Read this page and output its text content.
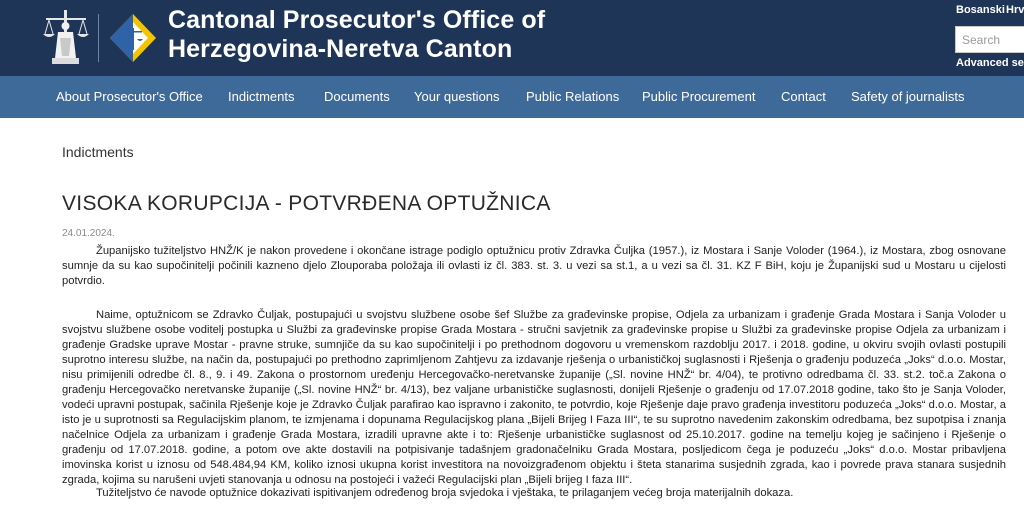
Cantonal Prosecutor's Office of
Herzegovina-Neretva Canton
Bosanski Hrv
Search
Advanced se
About Prosecutor's Office Indictments Documents Your questions Public Relations Public Procurement Contact Safety of journalists
Indictments
VISOKA KORUPCIJA - POTVRĐENA OPTUŽNICA
24.01.2024.

Županijsko tužiteljstvo HNŽ/K je nakon provedene i okončane istrage podiglo optužnicu protiv Zdravka Čuljka (1957.), iz Mostara i Sanje Voloder (1964.), iz Mostara, zbog osnovane sumnje da su kao supočinitelji počinili kazneno djelo Zlouporaba položaja ili ovlasti iz čl. 383. st. 3. u vezi sa st.1, a u vezi sa čl. 31. KZ F BiH, koju je Županijski sud u Mostaru u cijelosti potvrdio.

Naime, optužnicom se Zdravko Čuljak, postupajući u svojstvu službene osobe šef Službe za građevinske propise, Odjela za urbanizam i građenje Grada Mostara i Sanja Voloder u svojstvu službene osobe voditelj postupka u Službi za građevinske propise Grada Mostara - stručni savjetnik za građevinske propise u Službi za građevinske propise Odjela za urbanizam i građenje Gradske uprave Mostar - pravne struke, sumnjiče da su kao supočinitelji i po prethodnom dogovoru u vremenskom razdoblju 2017. i 2018. godine, u okviru svojih ovlasti postupili suprotno interesu službe, na način da, postupajući po prethodno zaprimljenom Zahtjevu za izdavanje rješenja o urbanističkoj suglasnosti i Rješenja o građenju poduzeća „Joks“ d.o.o. Mostar, nisu primijenili odredbe čl. 8., 9. i 49. Zakona o prostornom uređenju Hercegovačko-neretvanske županije („Sl. novine HNŽ“ br. 4/04), te protivno odredbama čl. 33. st.2. toč.a Zakona o građenju Hercegovačko neretvanske županije („Sl. novine HNŽ“ br. 4/13), bez valjane urbanističke suglasnosti, donijeli Rješenje o građenju od 17.07.2018 godine, tako što je Sanja Voloder, vodeći upravni postupak, sačinila Rješenje koje je Zdravko Čuljak parafirao kao ispravno i zakonito, te potvrdio, koje Rješenje daje pravo građenja investitoru poduzeća „Joks“ d.o.o. Mostar, a isto je u suprotnosti sa Regulacijskim planom, te izmjenama i dopunama Regulacijskog plana „Bijeli Brijeg I Faza III“, te su suprotno navedenim zakonskim odredbama, bez supotpisa i znanja načelnice Odjela za urbanizam i građenje Grada Mostara, izradili upravne akte i to: Rješenje urbanističke suglasnost od 25.10.2017. godine na temelju kojeg je sačinjeno i Rješenje o građenju od 17.07.2018. godine, a potom ove akte dostavili na potpisivanje tadašnjem gradonačelniku Grada Mostara, posljedicom čega je poduzeću „Joks“ d.o.o. Mostar pribavljena imovinska korist u iznosu od 548.484,94 KM, koliko iznosi ukupna korist investitora na novoizgrađenom objektu i šteta stanarima susjednih zgrada, kao i povrede prava stanara susjednih zgrada, kojima su narušeni uvjeti stanovanja u odnosu na postojeći i važeći Regulacijski plan „Bijeli brijeg I faza III“.

Tužiteljstvo će navode optužnice dokazivati ispitivanjem određenog broja svjedoka i vještaka, te prilaganjem većeg broja materijalnih dokaza.
